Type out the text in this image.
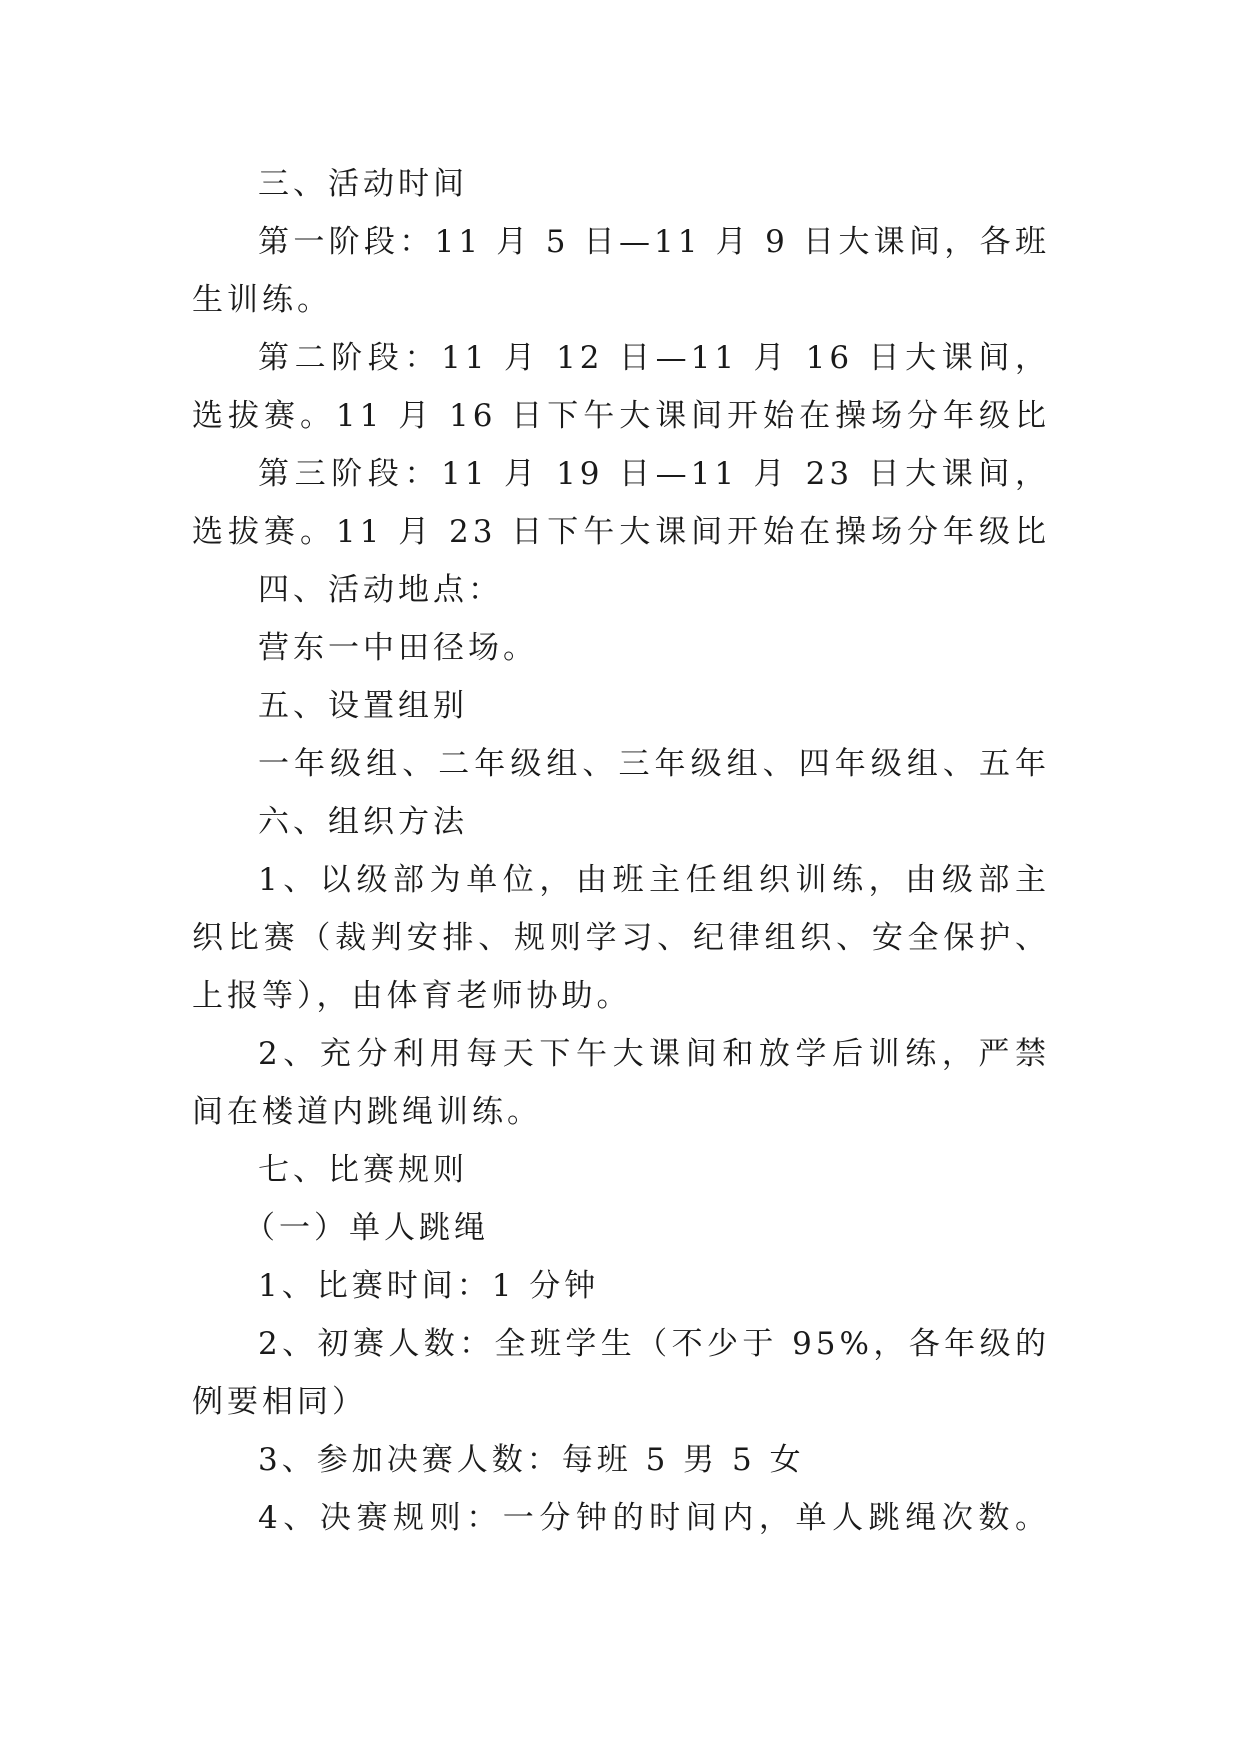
三、活动时间
第一阶段：11 月 5 日—11 月 9 日大课间，各班
生训练。
第二阶段：11 月 12 日—11 月 16 日大课间，
选拔赛。11 月 16 日下午大课间开始在操场分年级比
第三阶段：11 月 19 日—11 月 23 日大课间，
选拔赛。11 月 23 日下午大课间开始在操场分年级比
四、活动地点：
营东一中田径场。
五、设置组别
一年级组、二年级组、三年级组、四年级组、五年
六、组织方法
1、以级部为单位，由班主任组织训练，由级部主
织比赛（裁判安排、规则学习、纪律组织、安全保护、
上报等），由体育老师协助。
2、充分利用每天下午大课间和放学后训练，严禁
间在楼道内跳绳训练。
七、比赛规则
（一）单人跳绳
1、比赛时间：1 分钟
2、初赛人数：全班学生（不少于 95%，各年级的
例要相同）
3、参加决赛人数：每班 5 男 5 女
4、决赛规则：一分钟的时间内，单人跳绳次数。
